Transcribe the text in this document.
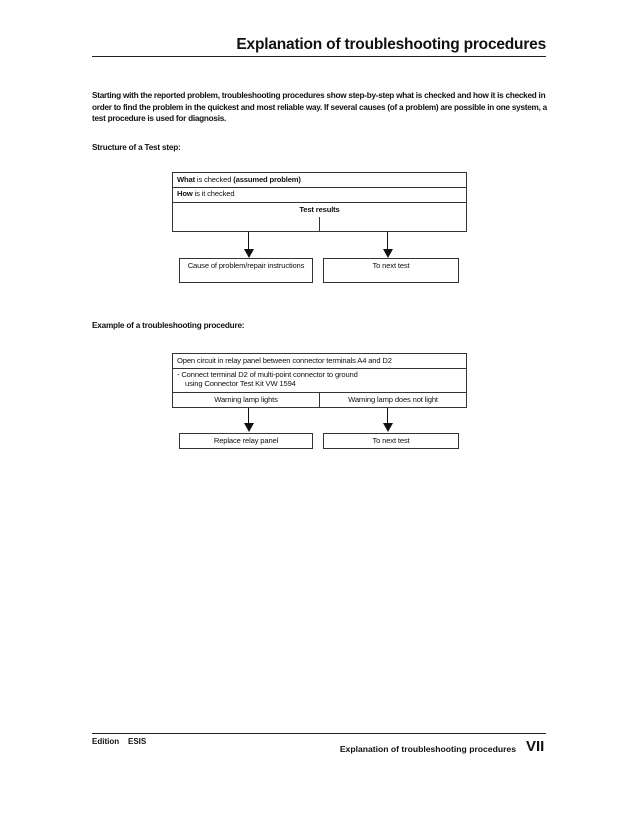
Explanation of troubleshooting procedures
Starting with the reported problem, troubleshooting procedures show step-by-step what is checked and how it is checked in order to find the problem in the quickest and most reliable way. If several causes (of a problem) are possible in one system, a test procedure is used for diagnosis.
Structure of a Test step:
What is checked (assumed problem)
How is it checked
Test results
Cause of problem/repair instructions	To next test
Example of a troubleshooting procedure:
Open circuit in relay panel between connector terminals A4 and D2
- Connect terminal D2 of multi-point connector to ground
using Connector Test Kit VW 1594
Warning lamp lights	Warning lamp does not light
Replace relay panel	To next test
Edition    ESIS
Explanation of troubleshooting procedures VII
